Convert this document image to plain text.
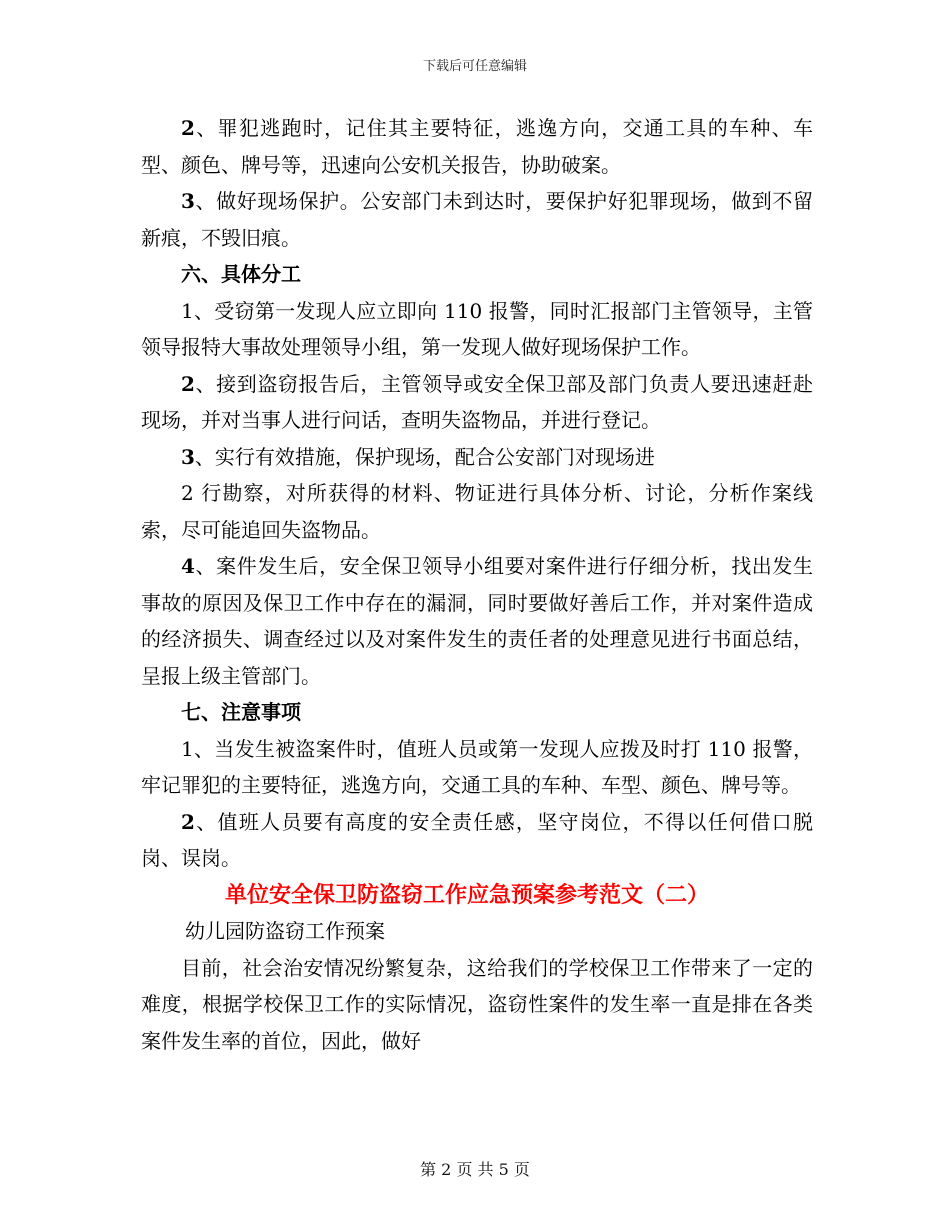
下载后可任意编辑

2、罪犯逃跑时，记住其主要特征，逃逸方向，交通工具的车种、车型、颜色、牌号等，迅速向公安机关报告，协助破案。

3、做好现场保护。公安部门未到达时，要保护好犯罪现场，做到不留新痕，不毁旧痕。

六、具体分工

1、受窃第一发现人应立即向 110 报警，同时汇报部门主管领导，主管领导报特大事故处理领导小组，第一发现人做好现场保护工作。

2、接到盗窃报告后，主管领导或安全保卫部及部门负责人要迅速赶赴现场，并对当事人进行问话，查明失盗物品，并进行登记。

3、实行有效措施，保护现场，配合公安部门对现场进

2 行勘察，对所获得的材料、物证进行具体分析、讨论，分析作案线索，尽可能追回失盗物品。

4、案件发生后，安全保卫领导小组要对案件进行仔细分析，找出发生事故的原因及保卫工作中存在的漏洞，同时要做好善后工作，并对案件造成的经济损失、调查经过以及对案件发生的责任者的处理意见进行书面总结，呈报上级主管部门。

七、注意事项

1、当发生被盗案件时，值班人员或第一发现人应拨及时打 110 报警，牢记罪犯的主要特征，逃逸方向，交通工具的车种、车型、颜色、牌号等。

2、值班人员要有高度的安全责任感，坚守岗位，不得以任何借口脱岗、误岗。

单位安全保卫防盗窃工作应急预案参考范文（二）

幼儿园防盗窃工作预案

目前，社会治安情况纷繁复杂，这给我们的学校保卫工作带来了一定的难度，根据学校保卫工作的实际情况，盗窃性案件的发生率一直是排在各类案件发生率的首位，因此，做好

第 2 页 共 5 页
